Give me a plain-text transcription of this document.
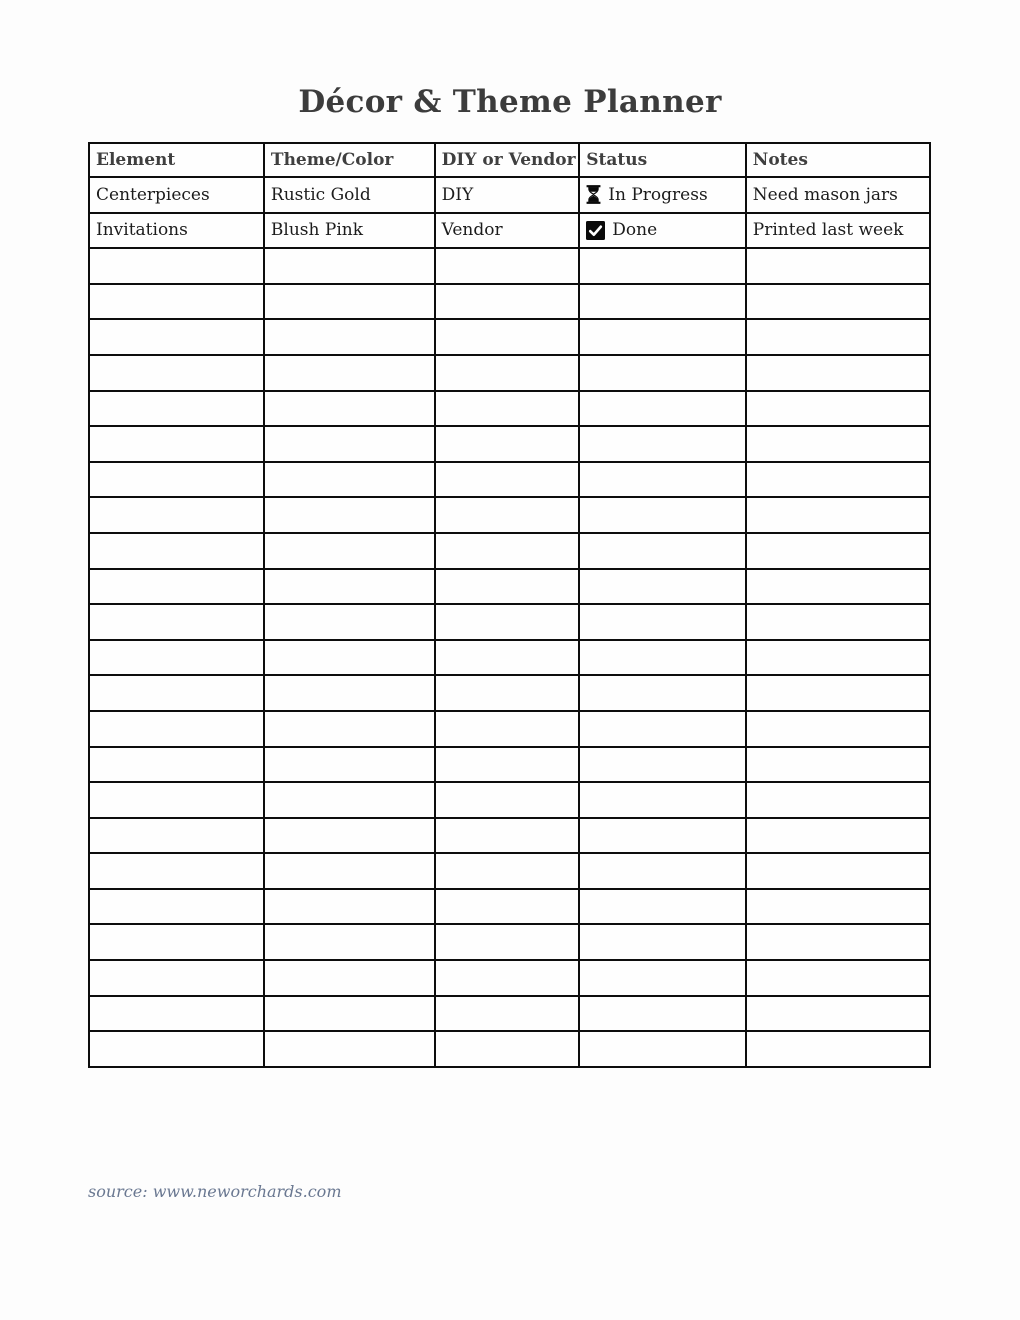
Décor & Theme Planner
Element	Theme/Color	DIY or Vendor	Status	Notes
Centerpieces	Rustic Gold	DIY	In Progress	Need mason jars
Invitations	Blush Pink	Vendor	Done	Printed last week

source: www.neworchards.com
